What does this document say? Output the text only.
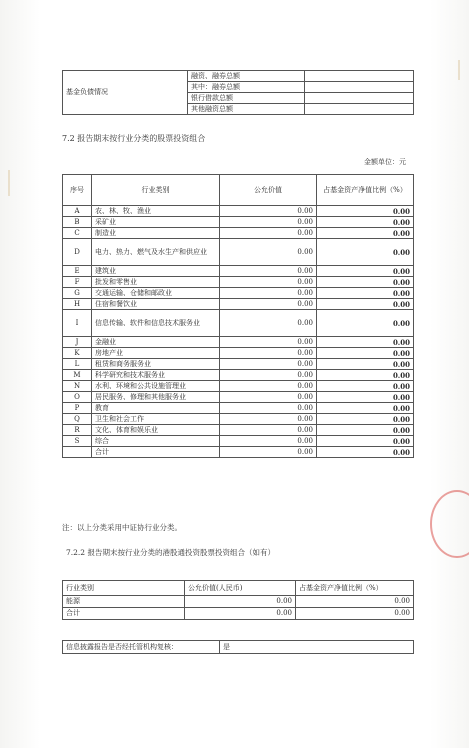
基金负债情况	融资、融券总额	
	其中：融券总额	
	银行借款总额	
	其他融资总额	
7.2 报告期末按行业分类的股票投资组合
金额单位：元
序号	行业类别	公允价值	占基金资产净值比例（%）
A	农、林、牧、渔业	0.00	0.00
B	采矿业	0.00	0.00
C	制造业	0.00	0.00
D	电力、热力、燃气及水生产和供应业	0.00	0.00
E	建筑业	0.00	0.00
F	批发和零售业	0.00	0.00
G	交通运输、仓储和邮政业	0.00	0.00
H	住宿和餐饮业	0.00	0.00
I	信息传输、软件和信息技术服务业	0.00	0.00
J	金融业	0.00	0.00
K	房地产业	0.00	0.00
L	租赁和商务服务业	0.00	0.00
M	科学研究和技术服务业	0.00	0.00
N	水利、环境和公共设施管理业	0.00	0.00
O	居民服务、修理和其他服务业	0.00	0.00
P	教育	0.00	0.00
Q	卫生和社会工作	0.00	0.00
R	文化、体育和娱乐业	0.00	0.00
S	综合	0.00	0.00
	合计	0.00	0.00
注：以上分类采用中证协行业分类。
7.2.2 报告期末按行业分类的港股通投资股票投资组合（如有）
行业类别	公允价值(人民币)	占基金资产净值比例（%）
能源	0.00	0.00
合计	0.00	0.00
信息披露报告是否经托管机构复核：	是
